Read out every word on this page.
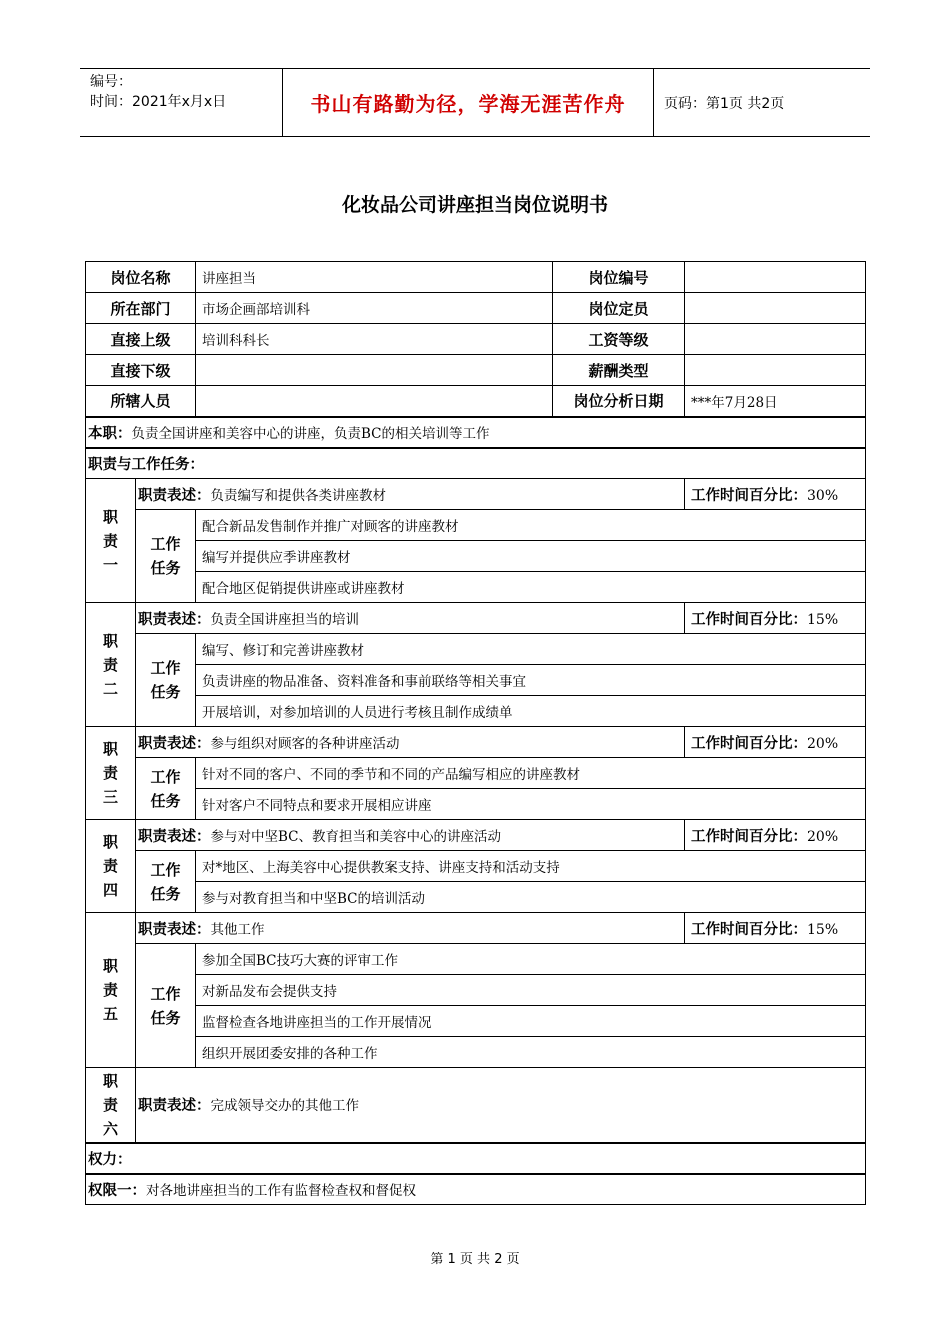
编号：
时间：2021年x月x日	书山有路勤为径，学海无涯苦作舟	页码：第1页 共2页
化妆品公司讲座担当岗位说明书
岗位名称		讲座担当	岗位编号	
所在部门		市场企画部培训科	岗位定员	
直接上级		培训科科长	工资等级	
直接下级			薪酬类型	
所辖人员			岗位分析日期	***年7月28日
本职：负责全国讲座和美容中心的讲座，负责BC的相关培训等工作				
职责与工作任务：				
职责一	职责表述：负责编写和提供各类讲座教材			工作时间百分比：30%
	工作任务	配合新品发售制作并推广对顾客的讲座教材		
		编写并提供应季讲座教材		
		配合地区促销提供讲座或讲座教材		
职责二	职责表述：负责全国讲座担当的培训			工作时间百分比：15%
	工作任务	编写、修订和完善讲座教材		
		负责讲座的物品准备、资料准备和事前联络等相关事宜		
		开展培训，对参加培训的人员进行考核且制作成绩单		
职责三	职责表述：参与组织对顾客的各种讲座活动			工作时间百分比：20%
	工作任务	针对不同的客户、不同的季节和不同的产品编写相应的讲座教材		
		针对客户不同特点和要求开展相应讲座		
职责四	职责表述：参与对中坚BC、教育担当和美容中心的讲座活动			工作时间百分比：20%
	工作任务	对*地区、上海美容中心提供教案支持、讲座支持和活动支持		
		参与对教育担当和中坚BC的培训活动		
职责五	职责表述：其他工作			工作时间百分比：15%
	工作任务	参加全国BC技巧大赛的评审工作		
		对新品发布会提供支持		
		监督检查各地讲座担当的工作开展情况		
		组织开展团委安排的各种工作		
职责六	职责表述：完成领导交办的其他工作			
权力：				
权限一：对各地讲座担当的工作有监督检查权和督促权				
第 1 页 共 2 页
